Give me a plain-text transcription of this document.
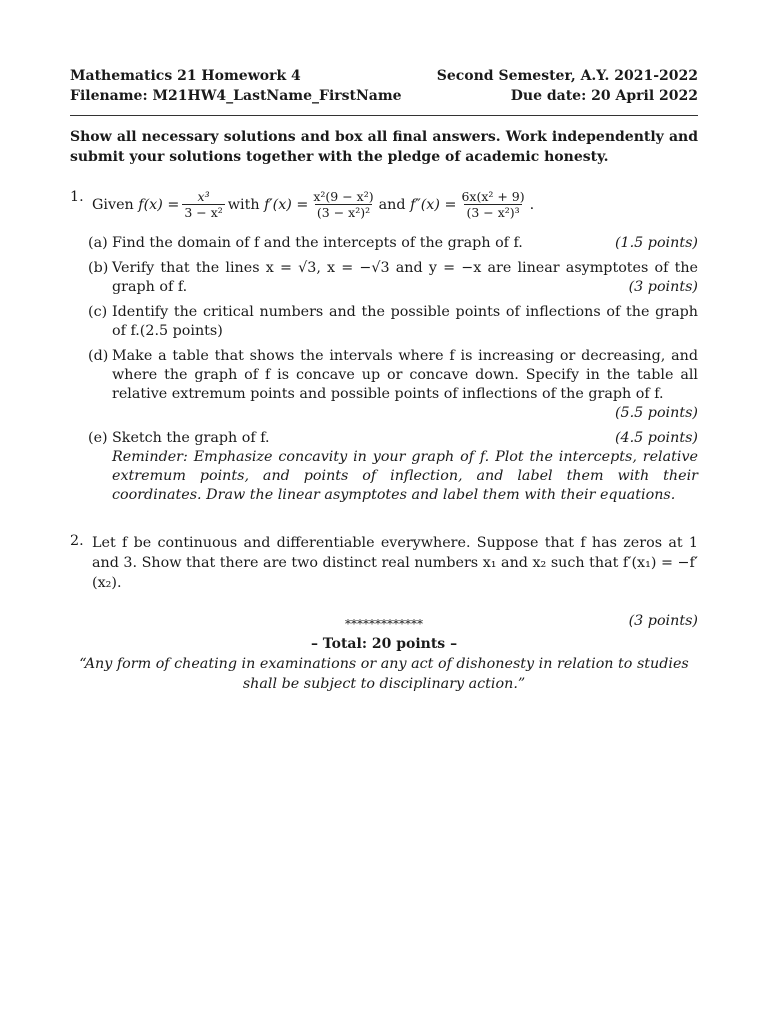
Mathematics 21 Homework 4	Second Semester, A.Y. 2021-2022
Filename: M21HW4_LastName_FirstName	Due date: 20 April 2022
Show all necessary solutions and box all final answers. Work independently and submit your solutions together with the pledge of academic honesty.
1. Given
$f(x) = \frac{\text{x³}}{\text{3 − x²}}$ with
$f'(x) = \frac{\text{x²(9 − x²)}}{\text{(3 − x²)²}}$ and
$f''(x) = \frac{\text{6x(x² + 9)}}{\text{(3 − x²)³}}$ .
(a)	(1.5 points)
Find the domain of f and the intercepts of the graph of f.
(b) Verify that the lines x = √3, x = −√3 and y = −x are linear asymptotes of the graph of f.	(3 points)
(c) Identify the critical numbers and the possible points of inflections of the graph of f.(2.5 points)
(d) Make a table that shows the intervals where f is increasing or decreasing, and where the graph of f is concave up or concave down. Specify in the table all relative extremum points and possible points of inflections of the graph of f.
(5.5 points)
(e)	(4.5 points)
Sketch the graph of f.
Reminder: Emphasize concavity in your graph of f. Plot the intercepts, relative extremum points, and points of inflection, and label them with their coordinates. Draw the linear asymptotes and label them with their equations.
2. Let f be continuous and differentiable everywhere. Suppose that f has zeros at 1 and 3. Show that there are two distinct real numbers x₁ and x₂ such that f′(x₁) = −f′(x₂).
(3 points)
*************
– Total: 20 points –
“Any form of cheating in examinations or any act of dishonesty in relation to studies
shall be subject to disciplinary action.”
